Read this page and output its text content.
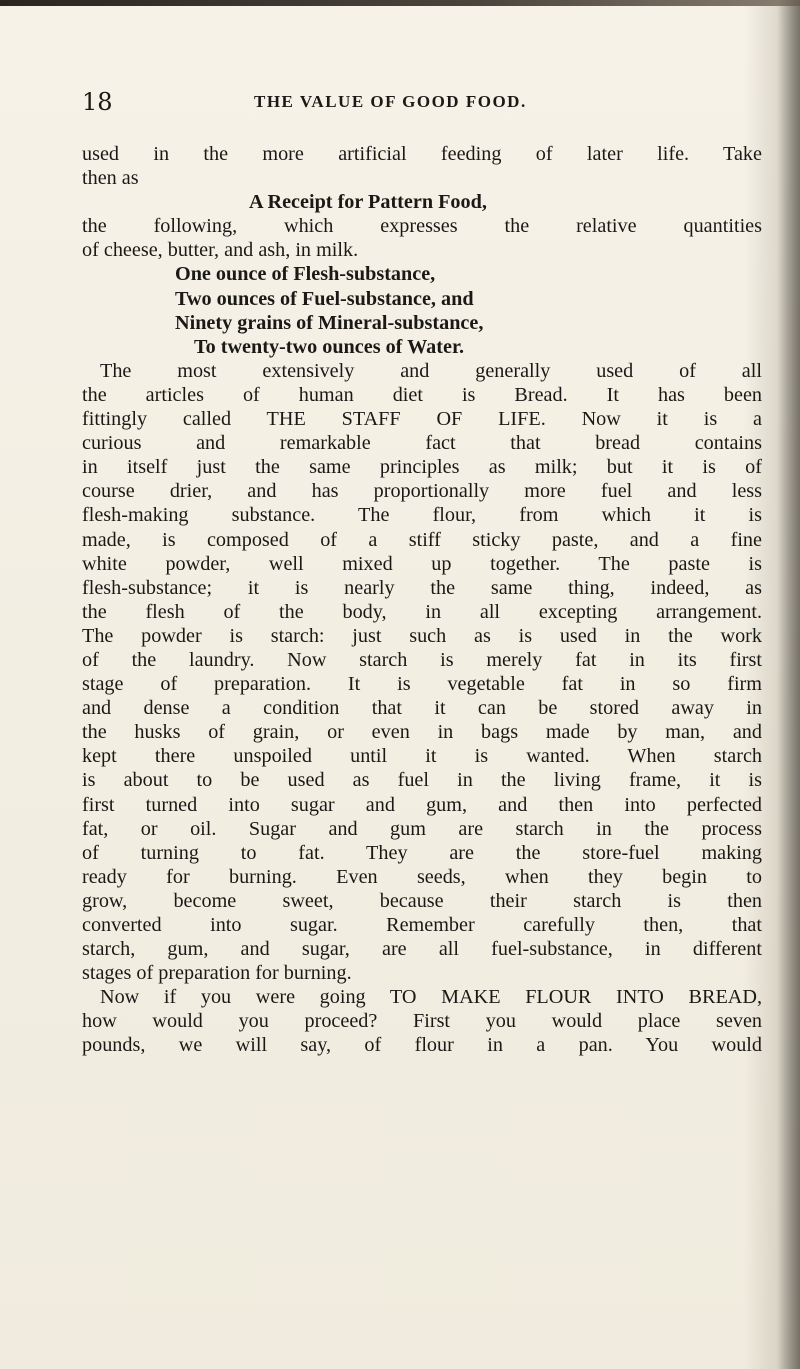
18	THE VALUE OF GOOD FOOD.
used in the more artificial feeding of later life. Take
then as
A Receipt for Pattern Food,
the following, which expresses the relative quantities
of cheese, butter, and ash, in milk.
One ounce of Flesh-substance,
Two ounces of Fuel-substance, and
Ninety grains of Mineral-substance,
To twenty-two ounces of Water.
The most extensively and generally used of all
the articles of human diet is Bread. It has been
fittingly called THE STAFF OF LIFE. Now it is a
curious and remarkable fact that bread contains
in itself just the same principles as milk; but it is of
course drier, and has proportionally more fuel and less
flesh-making substance. The flour, from which it is
made, is composed of a stiff sticky paste, and a fine
white powder, well mixed up together. The paste is
flesh-substance; it is nearly the same thing, indeed, as
the flesh of the body, in all excepting arrangement.
The powder is starch: just such as is used in the work
of the laundry. Now starch is merely fat in its first
stage of preparation. It is vegetable fat in so firm
and dense a condition that it can be stored away in
the husks of grain, or even in bags made by man, and
kept there unspoiled until it is wanted. When starch
is about to be used as fuel in the living frame, it is
first turned into sugar and gum, and then into perfected
fat, or oil. Sugar and gum are starch in the process
of turning to fat. They are the store-fuel making
ready for burning. Even seeds, when they begin to
grow, become sweet, because their starch is then
converted into sugar. Remember carefully then, that
starch, gum, and sugar, are all fuel-substance, in different
stages of preparation for burning.
Now if you were going TO MAKE FLOUR INTO BREAD,
how would you proceed? First you would place seven
pounds, we will say, of flour in a pan. You would
